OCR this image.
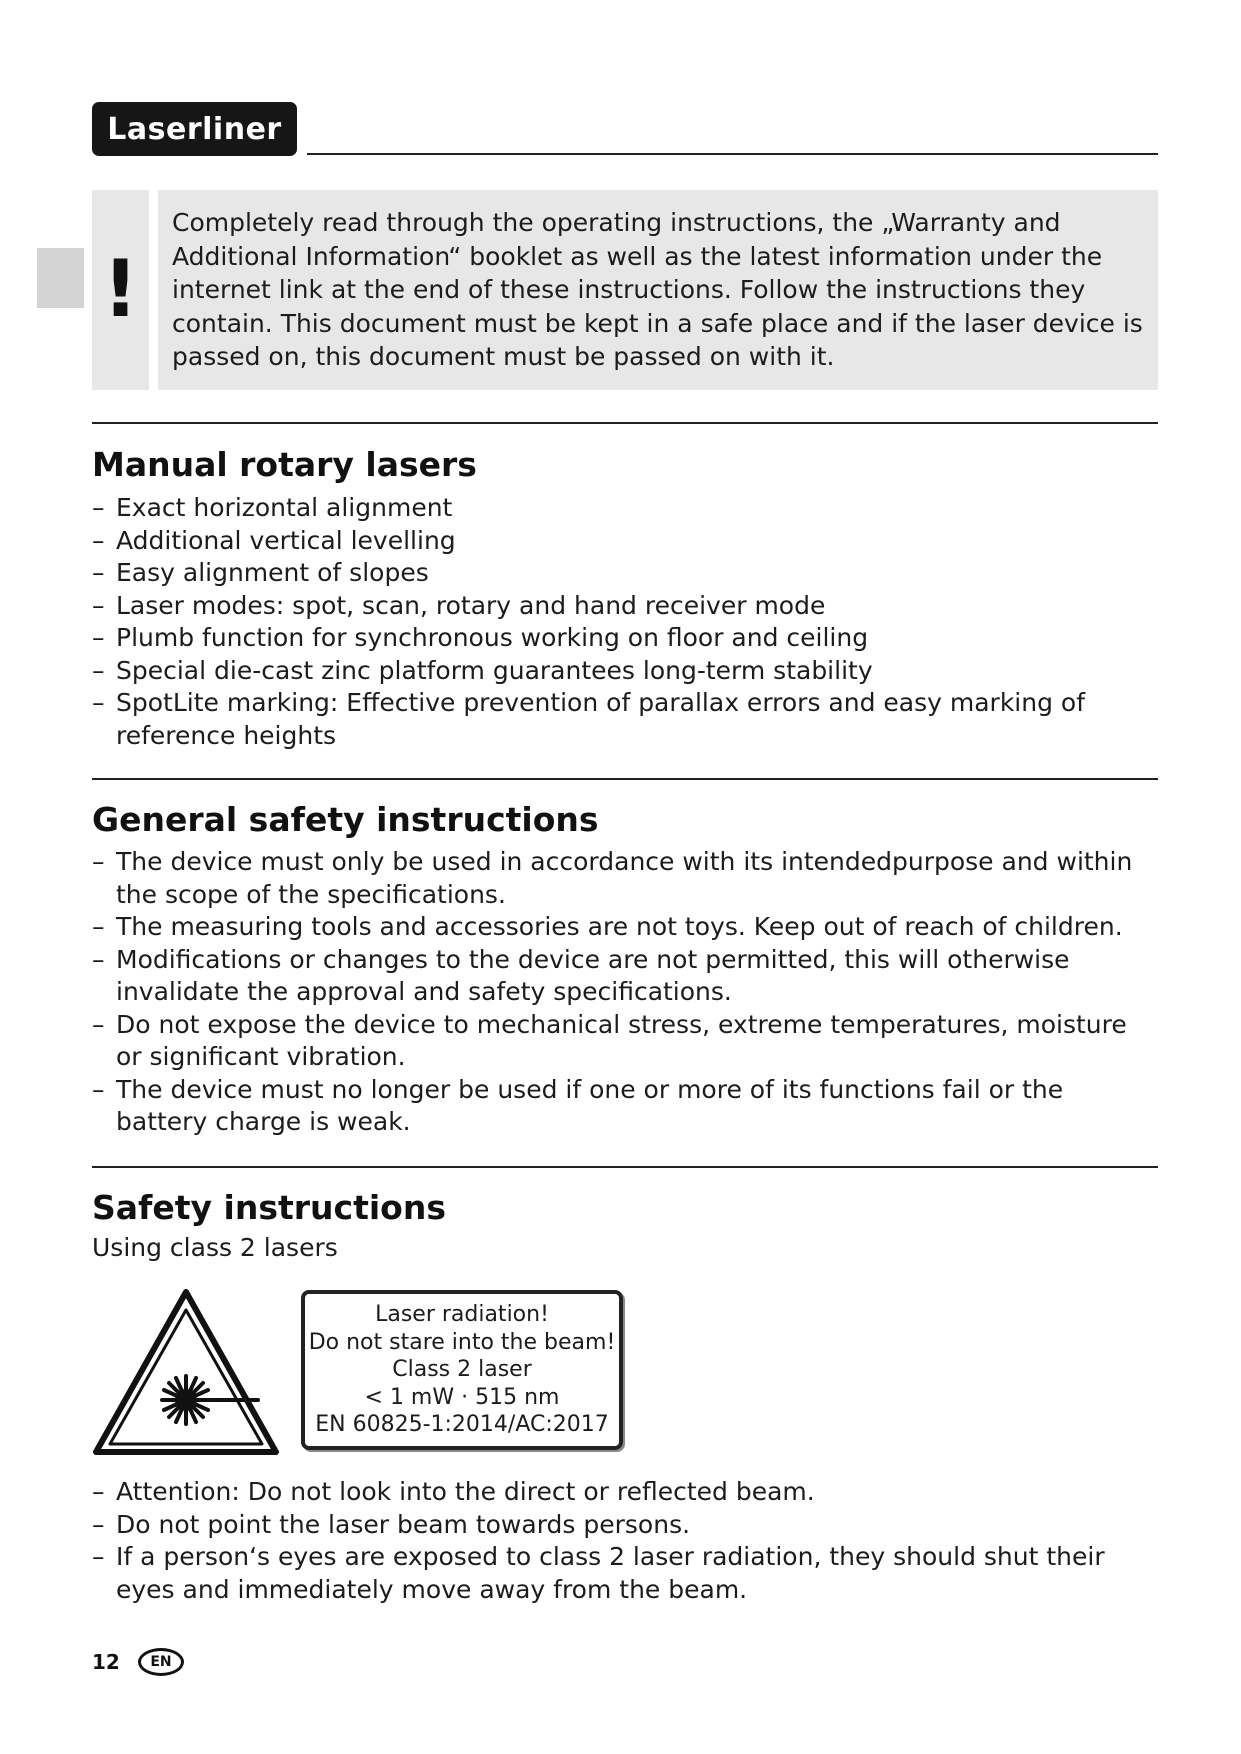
Laserliner
!

Completely read through the operating instructions, the „Warranty and Additional Information“ booklet as well as the latest information under the internet link at the end of these instructions. Follow the instructions they contain. This document must be kept in a safe place and if the laser device is passed on, this document must be passed on with it.

Manual rotary lasers
– Exact horizontal alignment
– Additional vertical levelling
– Easy alignment of slopes
– Laser modes: spot, scan, rotary and hand receiver mode
– Plumb function for synchronous working on floor and ceiling
– Special die-cast zinc platform guarantees long-term stability
– SpotLite marking: Effective prevention of parallax errors and easy marking of reference heights
General safety instructions
– The device must only be used in accordance with its intendedpurpose and within the scope of the specifications.
– The measuring tools and accessories are not toys. Keep out of reach of children.
– Modifications or changes to the device are not permitted, this will otherwise invalidate the approval and safety specifications.
– Do not expose the device to mechanical stress, extreme temperatures, moisture or significant vibration.
– The device must no longer be used if one or more of its functions fail or the battery charge is weak.
Safety instructions
Using class 2 lasers
Laser radiation!
Do not stare into the beam!
Class 2 laser
< 1 mW · 515 nm
EN 60825-1:2014/AC:2017
– Attention: Do not look into the direct or reflected beam.
– Do not point the laser beam towards persons.
– If a person‘s eyes are exposed to class 2 laser radiation, they should shut their eyes and immediately move away from the beam.
12 EN
